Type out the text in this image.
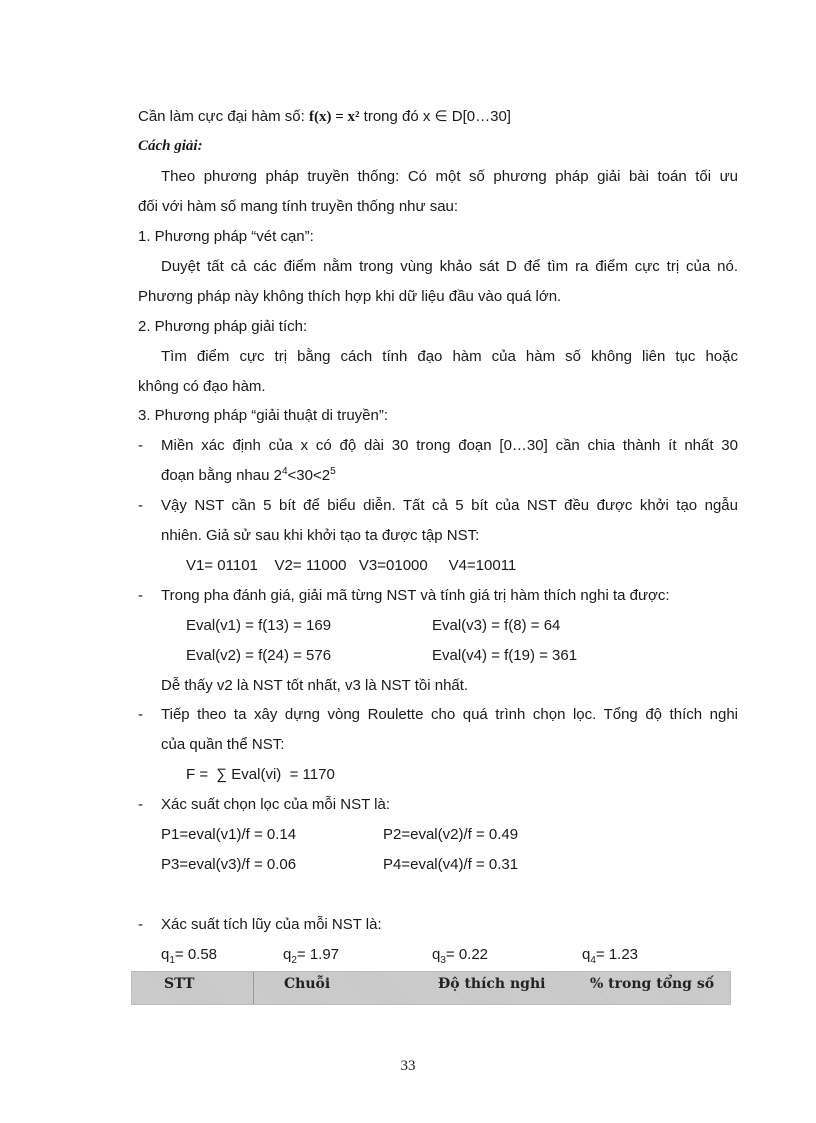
Cần làm cực đại hàm số: f(x) = x² trong đó x ∈ D[0…30]
Cách giải:
Theo phương pháp truyền thống: Có một số phương pháp giải bài toán tối ưu
đối với hàm số mang tính truyền thống như sau:
1. Phương pháp “vét cạn”:
Duyệt tất cả các điểm nằm trong vùng khảo sát D để tìm ra điểm cực trị của nó.
Phương pháp này không thích hợp khi dữ liệu đầu vào quá lớn.
2. Phương pháp giải tích:
Tìm điểm cực trị bằng cách tính đạo hàm của hàm số không liên tục hoặc
không có đạo hàm.
3. Phương pháp “giải thuật di truyền”:
- Miền xác định của x có độ dài 30 trong đoạn [0…30] cần chia thành ít nhất 30
đoạn bằng nhau $2^4<30<2^5$
- Vậy NST cần 5 bít để biểu diễn. Tất cả 5 bít của NST đều được khởi tạo ngẫu
nhiên. Giả sử sau khi khởi tạo ta được tập NST:
V1= 01101    V2= 11000   V3=01000     V4=10011
- Trong pha đánh giá, giải mã từng NST và tính giá trị hàm thích nghi ta được:
Eval(v1) = f(13) = 169	Eval(v3) = f(8) = 64
Eval(v2) = f(24) = 576	Eval(v4) = f(19) = 361
Dễ thấy v2 là NST tốt nhất, v3 là NST tồi nhất.
- Tiếp theo ta xây dựng vòng Roulette cho quá trình chọn lọc. Tổng độ thích nghi
của quần thể NST:
F =  ∑ Eval(vi)  = 1170
- Xác suất chọn lọc của mỗi NST là:
P1=eval(v1)/f = 0.14	P2=eval(v2)/f = 0.49
P3=eval(v3)/f = 0.06	P4=eval(v4)/f = 0.31
- Xác suất tích lũy của mỗi NST là:
$q_1= 0.58$	$q_2= 1.97$	$q_3= 0.22$	$q_4= 1.23$
STT	Chuỗi	Độ thích nghi	% trong tổng số
33
